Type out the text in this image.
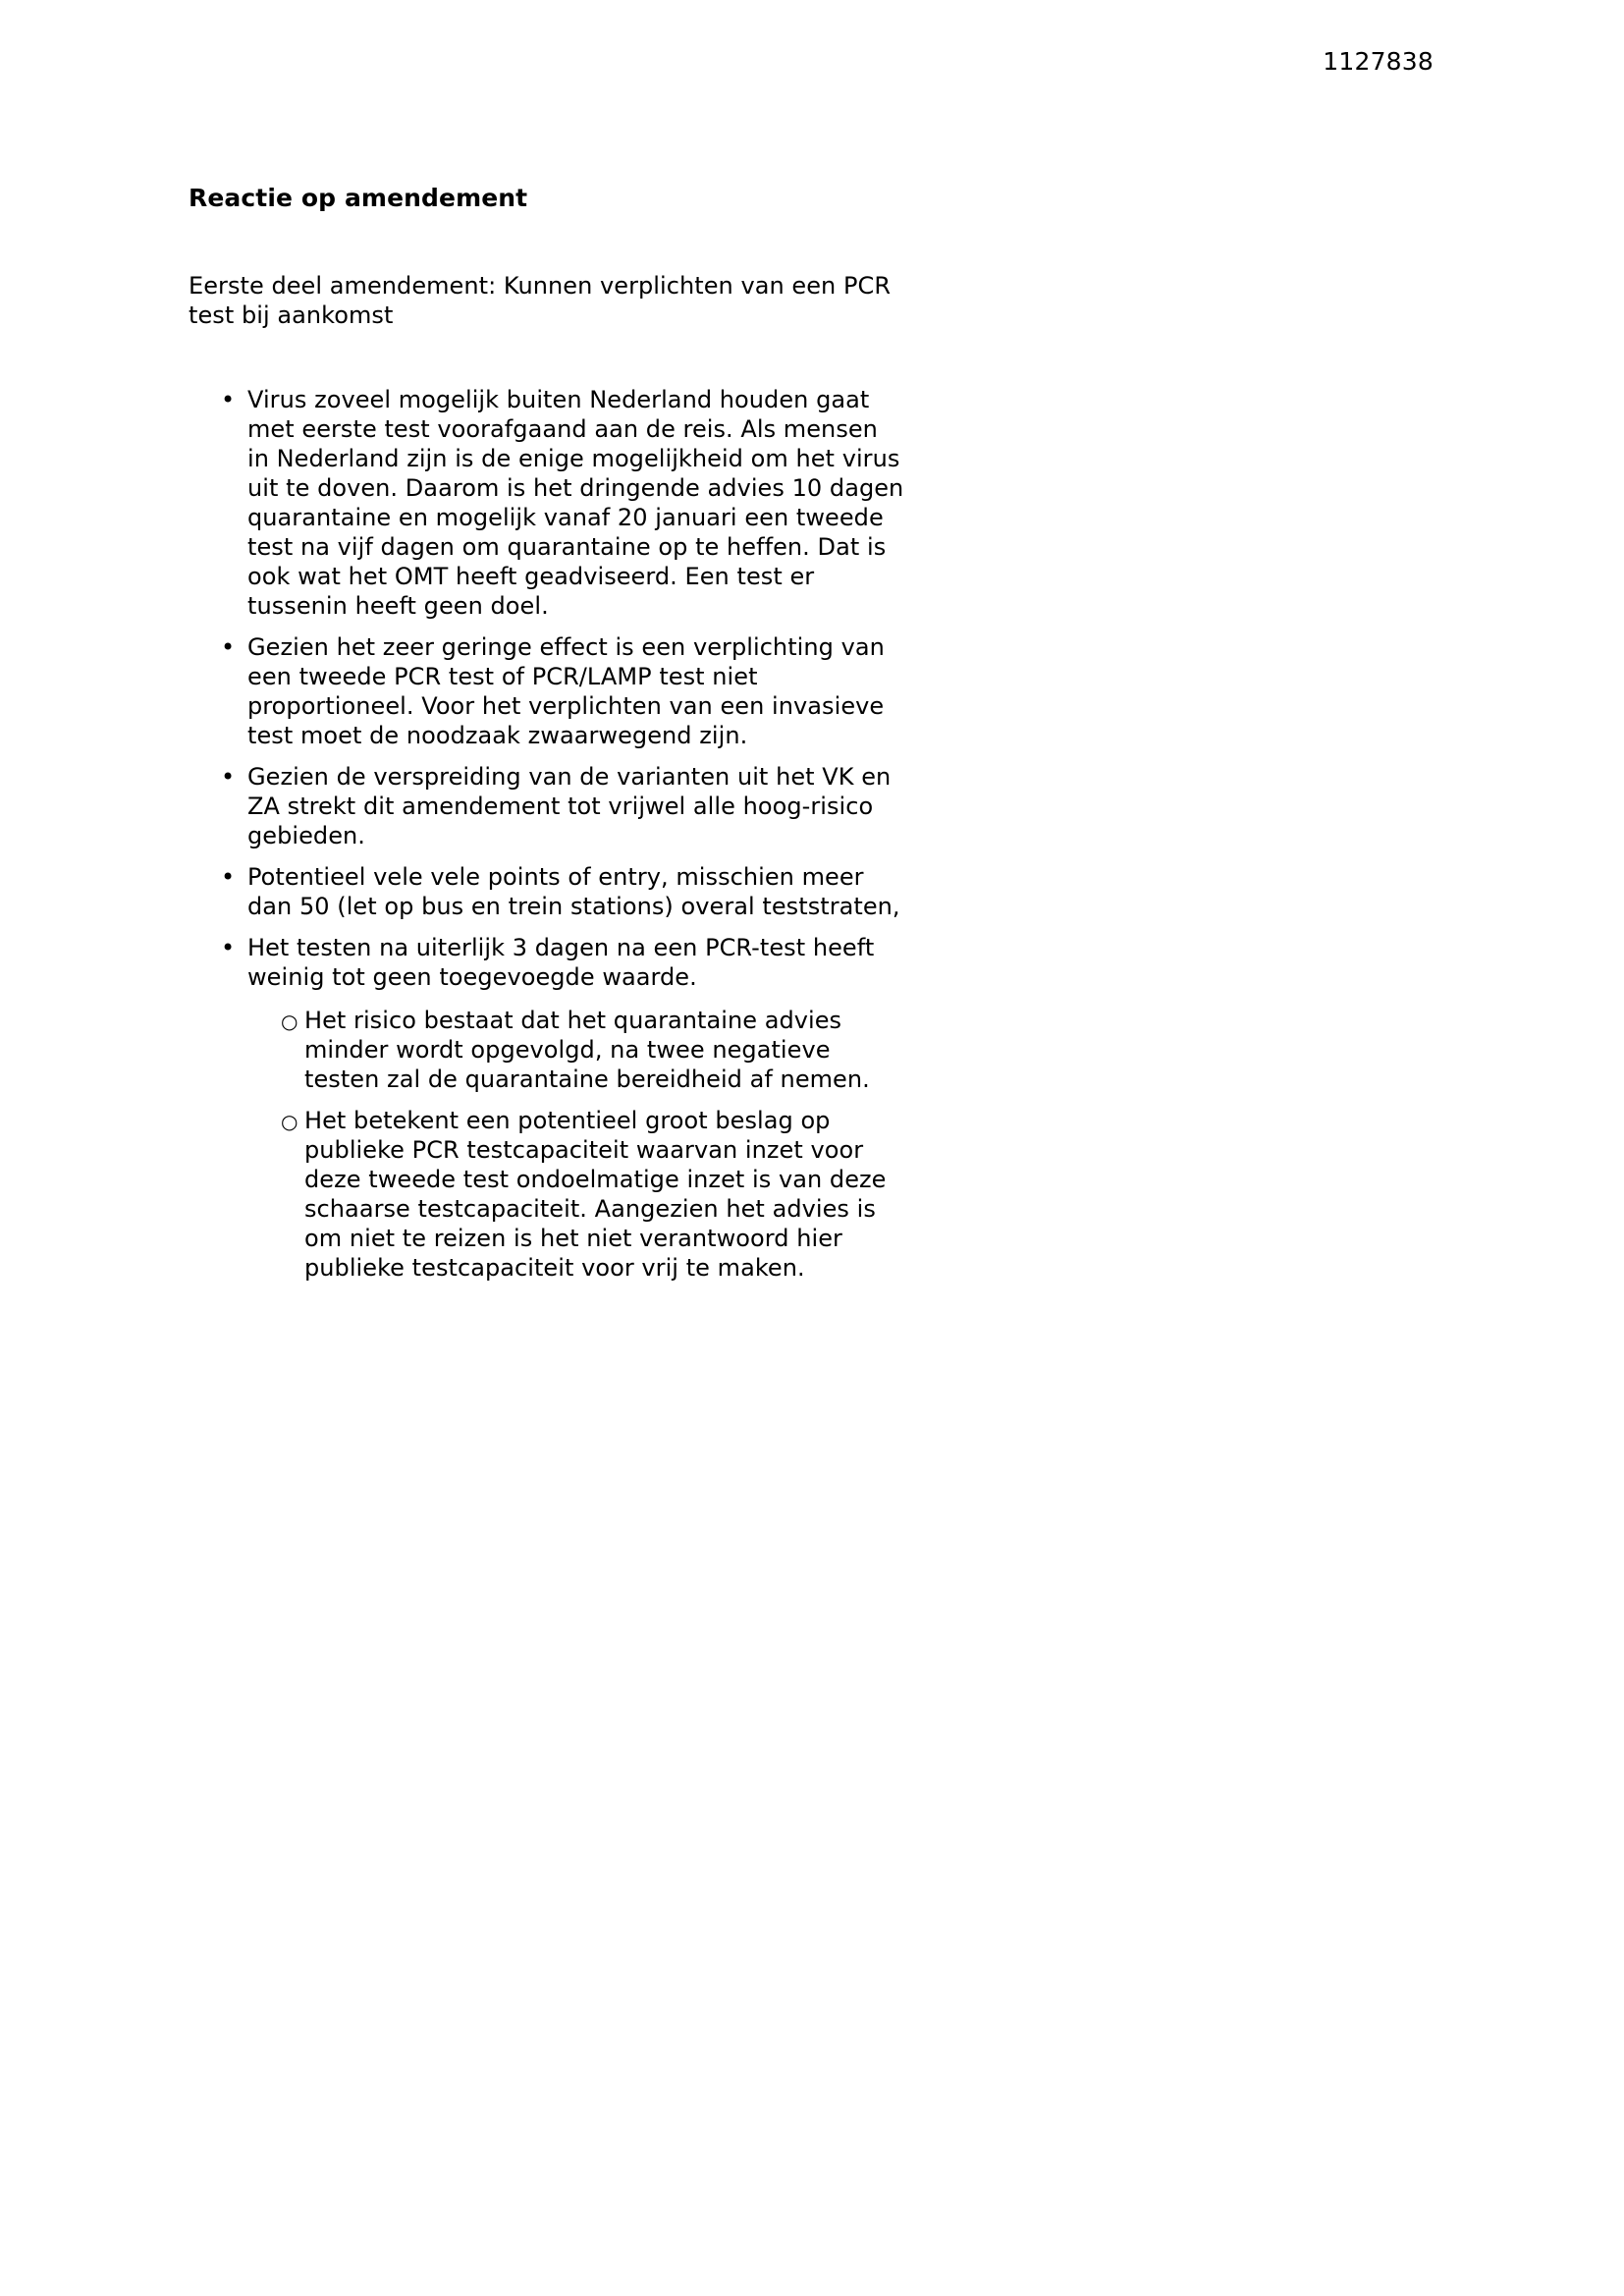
1127838
Reactie op amendement

Eerste deel amendement: Kunnen verplichten van een PCR test bij aankomst

• Virus zoveel mogelijk buiten Nederland houden gaat met eerste test voorafgaand aan de reis. Als mensen in Nederland zijn is de enige mogelijkheid om het virus uit te doven. Daarom is het dringende advies 10 dagen quarantaine en mogelijk vanaf 20 januari een tweede test na vijf dagen om quarantaine op te heffen. Dat is ook wat het OMT heeft geadviseerd. Een test er tussenin heeft geen doel.
• Gezien het zeer geringe effect is een verplichting van een tweede PCR test of PCR/LAMP test niet proportioneel. Voor het verplichten van een invasieve test moet de noodzaak zwaarwegend zijn.
• Gezien de verspreiding van de varianten uit het VK en ZA strekt dit amendement tot vrijwel alle hoog-risico gebieden.
• Potentieel vele vele points of entry, misschien meer dan 50 (let op bus en trein stations) overal teststraten,
• Het testen na uiterlijk 3 dagen na een PCR-test heeft weinig tot geen toegevoegde waarde.
○ Het risico bestaat dat het quarantaine advies minder wordt opgevolgd, na twee negatieve testen zal de quarantaine bereidheid af nemen.
○ Het betekent een potentieel groot beslag op publieke PCR testcapaciteit waarvan inzet voor deze tweede test ondoelmatige inzet is van deze schaarse testcapaciteit. Aangezien het advies is om niet te reizen is het niet verantwoord hier publieke testcapaciteit voor vrij te maken.
